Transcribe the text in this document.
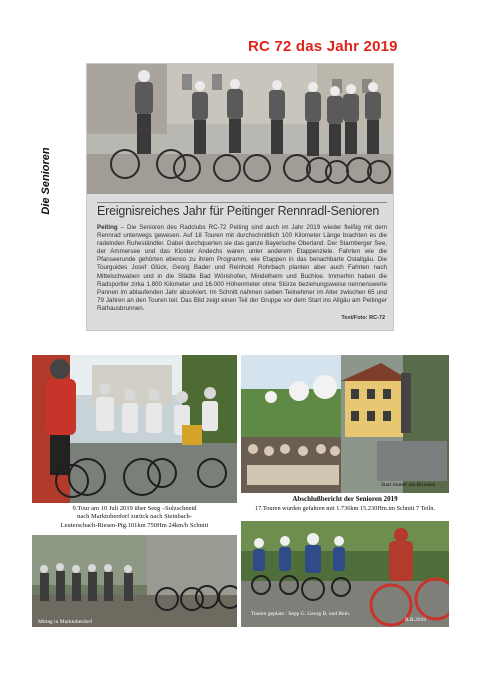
RC 72 das Jahr 2019
Die Senioren	Ereignisreiches Jahr für Peitinger Rennradl-Senioren
Peiting – Die Senioren des Radclubs RC-72 Peiting sind auch im Jahr 2019 wieder fleißig mit dem Rennrad unterwegs gewesen. Auf 18 Touren mit durchschnittlich 100 Kilometer Länge brachten es die radelnden Ruheständler. Dabei durchquerten sie das ganze Bayerische Oberland. Der Starnberger See, der Ammersee und das Kloster Andechs waren unter anderem Etappenziele. Fahrten wie die Pfanseerunde gehörten ebenso zu ihrem Programm, wie Etappen in das benachbarte Ostallgäu. Die Tourguides Josef Glück, Georg Bader und Reinhold Rohrbach planten aber auch Fahrten nach Mittelschwaben und in die Städte Bad Wörishofen, Mindelheim und Buchloe. Immerhin haben die Radsportler zirka 1.800 Kilometer und 16.000 Höhenmeter ohne Stürze beziehungsweise nennenswerte Pannen im ablaufenden Jahr absolviert. Im Schnitt nahmen sieben Teilnehmer im Alter zwischen 65 und 79 Jahren an den Touren teil. Das Bild zeigt einen Teil der Gruppe vor dem Start ins Allgäu am Peitinger Rathausbrunnen.
Text/Foto: RC-72
9.Tour am 10 Juli 2019 über Seeg –Sulzschneid
nach Marktoberdorf zurück nach Steinbach-
Leuterschach-Riesen-Ptg.101km 750Hm 24km/h Schnitt
Mittag in Marktoberdorf
Start immer am Brunnen
Abschlußbericht der Senioren 2019
17.Touren wurden gefahren mit 1.736km 15.230Hm.im Schnitt 7 Teiln.
Touren geplant : Sepp G. Georg B. und Rein.
R.R.2019
